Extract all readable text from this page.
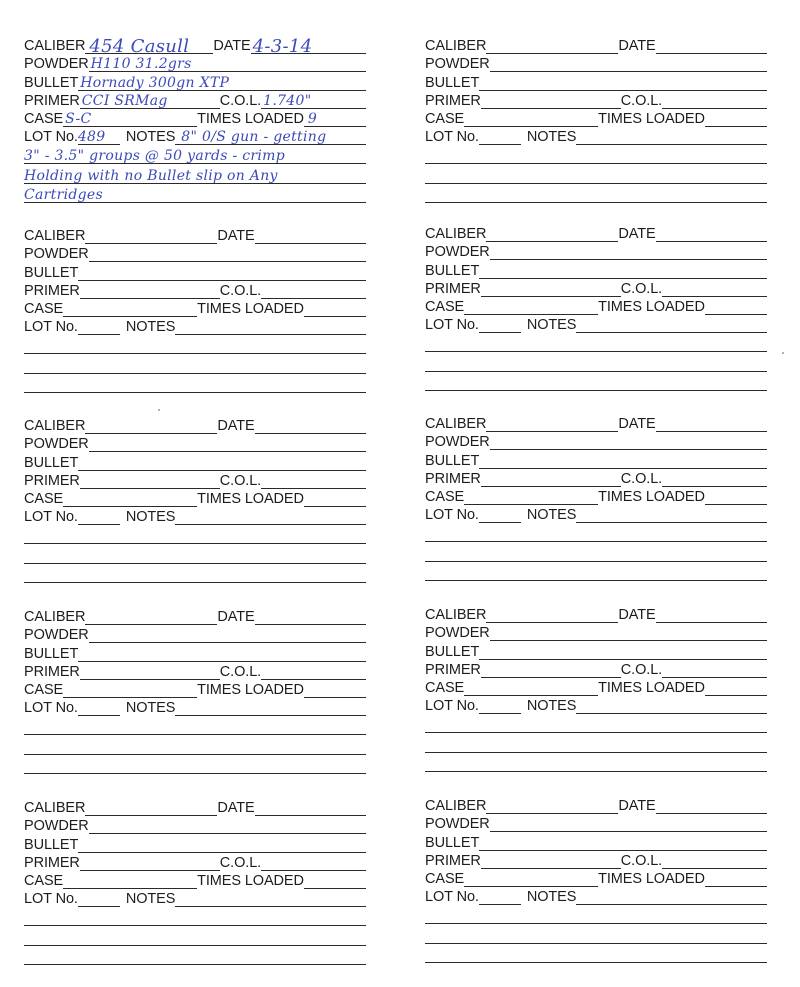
CALIBER 454 Casull DATE 4-3-14
POWDER H110 31.2grs
BULLET Hornady 300gn XTP
PRIMER CCI SRMag	C.O.L. 1.740"
CASE S-C	TIMES LOADED 9
LOT No. 489 NOTES 8" 0/S gun - getting
3" - 3.5" groups @ 50 yards - crimp
Holding with no Bullet slip on Any
Cartridges
CALIBER	DATE
POWDER
BULLET
PRIMER	C.O.L.
CASE	TIMES LOADED
LOT No.	NOTES
CALIBER	DATE
POWDER
BULLET
PRIMER	C.O.L.
CASE	TIMES LOADED
LOT No.	NOTES
CALIBER	DATE
POWDER
BULLET
PRIMER	C.O.L.
CASE	TIMES LOADED
LOT No.	NOTES
CALIBER	DATE
POWDER
BULLET
PRIMER	C.O.L.
CASE	TIMES LOADED
LOT No.	NOTES
CALIBER	DATE
POWDER
BULLET
PRIMER	C.O.L.
CASE	TIMES LOADED
LOT No.	NOTES
CALIBER	DATE
POWDER
BULLET
PRIMER	C.O.L.
CASE	TIMES LOADED
LOT No.	NOTES
CALIBER	DATE
POWDER
BULLET
PRIMER	C.O.L.
CASE	TIMES LOADED
LOT No.	NOTES
CALIBER	DATE
POWDER
BULLET
PRIMER	C.O.L.
CASE	TIMES LOADED
LOT No.	NOTES
CALIBER	DATE
POWDER
BULLET
PRIMER	C.O.L.
CASE	TIMES LOADED
LOT No.	NOTES
